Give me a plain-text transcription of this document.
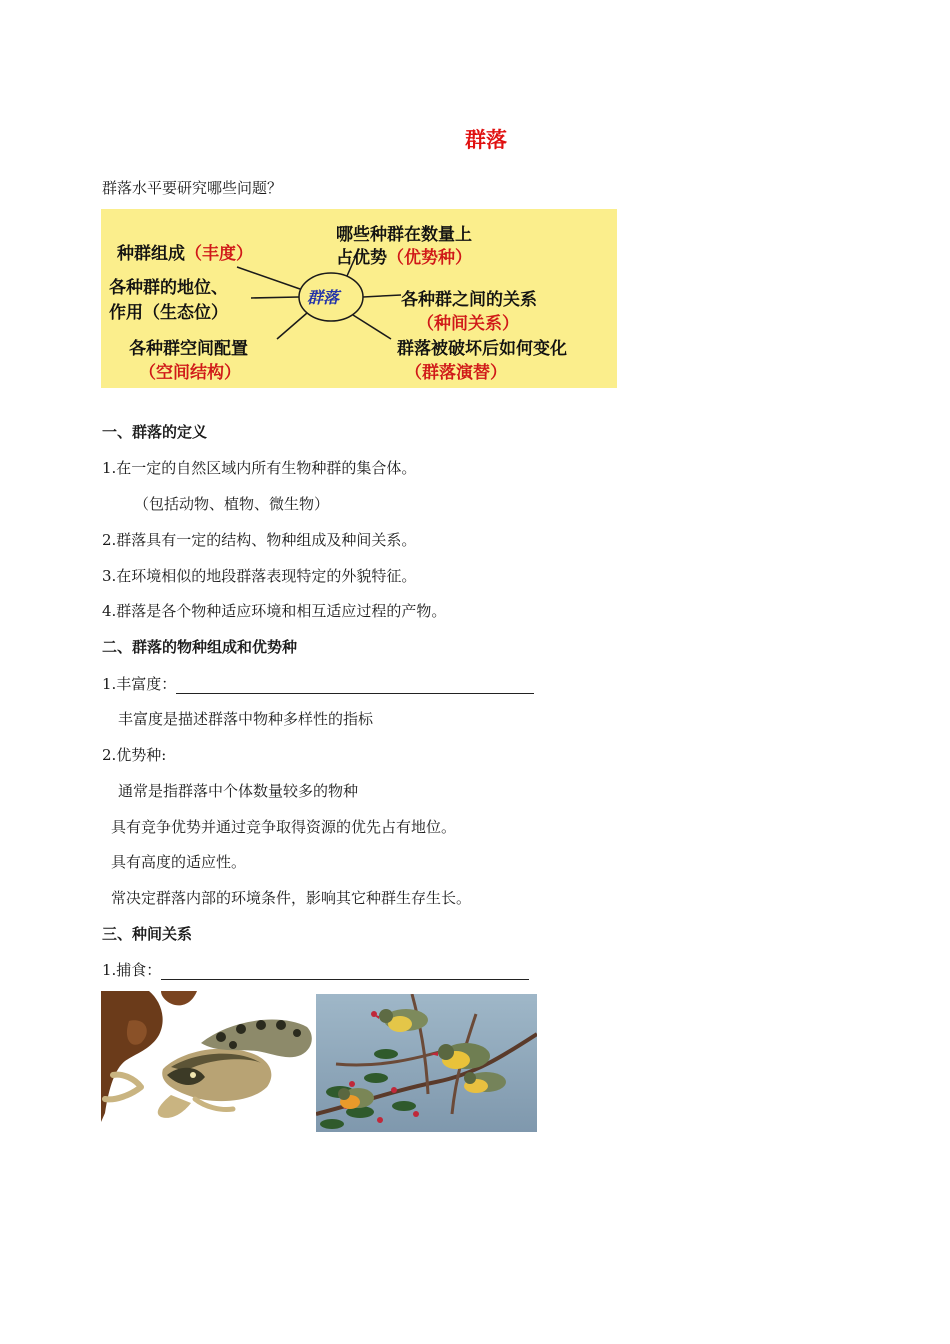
群落
群落水平要研究哪些问题？
群落
种群组成（丰度）
哪些种群在数量上
占优势（优势种）
各种群的地位、
作用（生态位）
各种群之间的关系
（种间关系）
各种群空间配置
（空间结构）
群落被破坏后如何变化
（群落演替）
一、群落的定义
1.在一定的自然区域内所有生物种群的集合体。
（包括动物、植物、微生物）
2.群落具有一定的结构、物种组成及种间关系。
3.在环境相似的地段群落表现特定的外貌特征。
4.群落是各个物种适应环境和相互适应过程的产物。
二、群落的物种组成和优势种
1.丰富度：
丰富度是描述群落中物种多样性的指标
2.优势种:
通常是指群落中个体数量较多的物种
具有竞争优势并通过竞争取得资源的优先占有地位。
具有高度的适应性。
常决定群落内部的环境条件，影响其它种群生存生长。
三、种间关系
1.捕食：
